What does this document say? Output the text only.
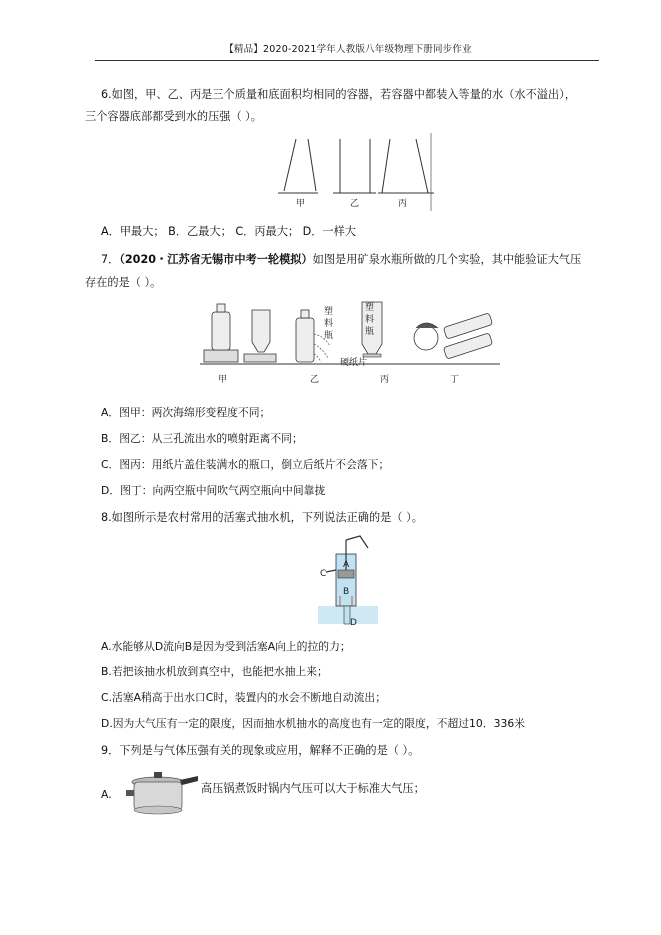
【精品】2020-2021学年人教版八年级物理下册同步作业
6.如图，甲、乙、丙是三个质量和底面积均相同的容器，若容器中都装入等量的水（水不溢出），
三个容器底部都受到水的压强（ ）。
甲	乙	丙
A．甲最大； B．乙最大； C．丙最大； D．一样大
7．（2020・江苏省无锡市中考一轮模拟）如图是用矿泉水瓶所做的几个实验，其中能验证大气压
存在的是（ ）。
塑
料
瓶
塑
料
瓶
硬纸片
甲	乙	丙	丁
A．图甲：两次海绵形变程度不同；
B．图乙：从三孔流出水的喷射距离不同；
C．图丙：用纸片盖住装满水的瓶口，倒立后纸片不会落下；
D．图丁：向两空瓶中间吹气两空瓶向中间靠拢
8.如图所示是农村常用的活塞式抽水机，下列说法正确的是（ ）。
C
A
B
D
A.水能够从D流向B是因为受到活塞A向上的拉的力；
B.若把该抽水机放到真空中，也能把水抽上来；
C.活塞A稍高于出水口C时，装置内的水会不断地自动流出；
D.因为大气压有一定的限度，因而抽水机抽水的高度也有一定的限度，不超过10．336米
9．下列是与气体压强有关的现象或应用，解释不正确的是（ ）。
A.	高压锅煮饭时锅内气压可以大于标准大气压；
